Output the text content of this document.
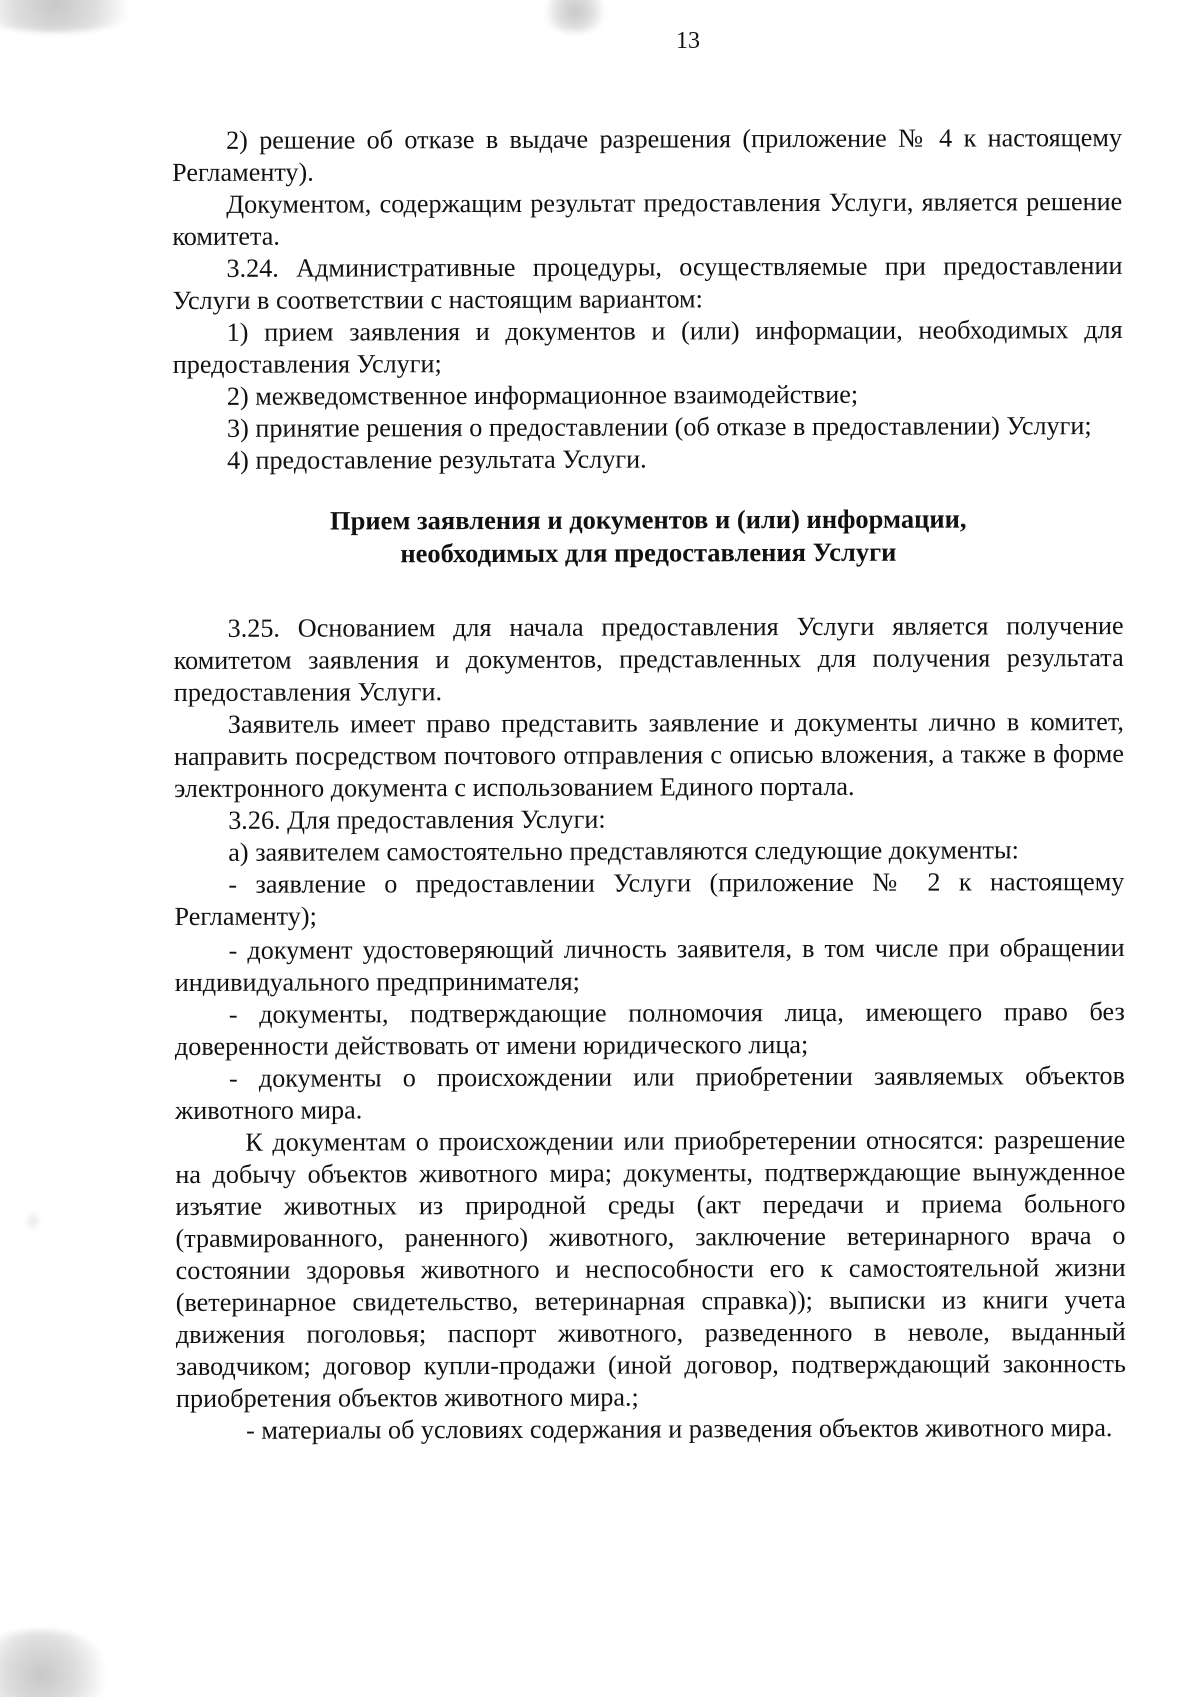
13

2) решение об отказе в выдаче разрешения (приложение № 4 к настоящему Регламенту).

Документом, содержащим результат предоставления Услуги, является решение комитета.

3.24. Административные процедуры, осуществляемые при предоставлении Услуги в соответствии с настоящим вариантом:

1) прием заявления и документов и (или) информации, необходимых для предоставления Услуги;

2) межведомственное информационное взаимодействие;

3) принятие решения о предоставлении (об отказе в предоставлении) Услуги;

4) предоставление результата Услуги.

Прием заявления и документов и (или) информации,
необходимых для предоставления Услуги

3.25. Основанием для начала предоставления Услуги является получение комитетом заявления и документов, представленных для получения результата предоставления Услуги.

Заявитель имеет право представить заявление и документы лично в комитет, направить посредством почтового отправления с описью вложения, а также в форме электронного документа с использованием Единого портала.

3.26. Для предоставления Услуги:

а) заявителем самостоятельно представляются следующие документы:

- заявление о предоставлении Услуги (приложение № 2 к настоящему Регламенту);

- документ удостоверяющий личность заявителя, в том числе при обращении индивидуального предпринимателя;

- документы, подтверждающие полномочия лица, имеющего право без доверенности действовать от имени юридического лица;

- документы о происхождении или приобретении заявляемых объектов животного мира.

К документам о происхождении или приобретерении относятся: разрешение на добычу объектов животного мира; документы, подтверждающие вынужденное изъятие животных из природной среды (акт передачи и приема больного (травмированного, раненного) животного, заключение ветеринарного врача о состоянии здоровья животного и неспособности его к самостоятельной жизни (ветеринарное свидетельство, ветеринарная справка)); выписки из книги учета движения поголовья; паспорт животного, разведенного в неволе, выданный заводчиком; договор купли-продажи (иной договор, подтверждающий законность приобретения объектов животного мира.;

- материалы об условиях содержания и разведения объектов животного мира.
